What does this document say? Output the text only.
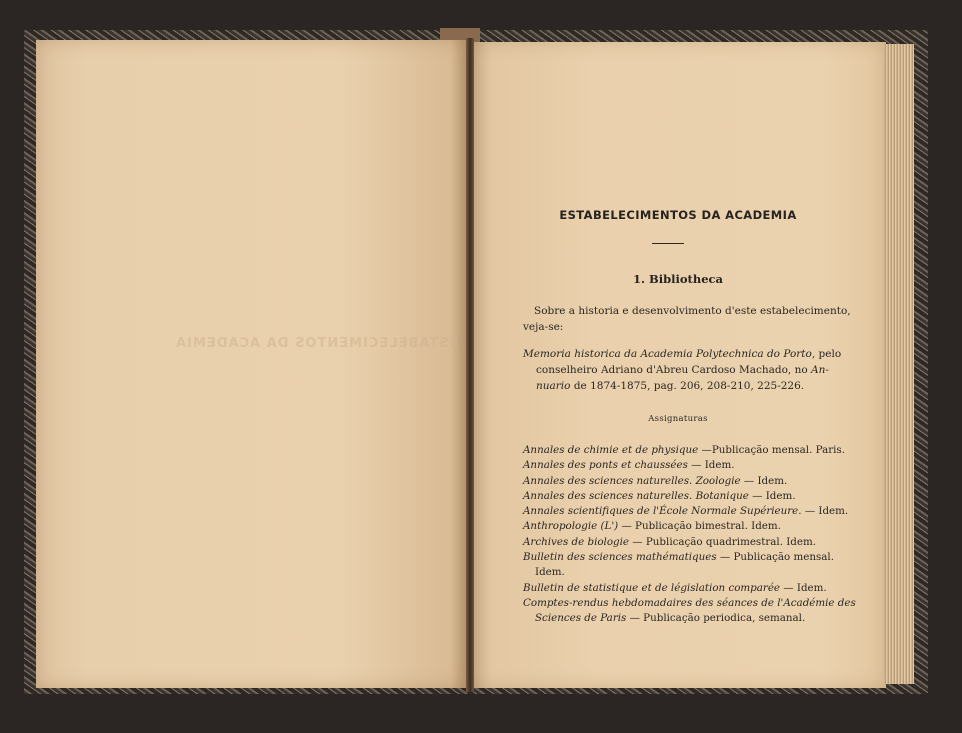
ESTABELECIMENTOS DA ACADEMIA
ESTABELECIMENTOS DA ACADEMIA
1. Bibliotheca
Sobre a historia e desenvolvimento d'este estabelecimento,
veja-se:
Memoria historica da Academia Polytechnica do Porto, pelo
conselheiro Adriano d'Abreu Cardoso Machado, no An-
nuario de 1874-1875, pag. 206, 208-210, 225-226.
Assignaturas
Annales de chimie et de physique —Publicação mensal. Paris.
Annales des ponts et chaussées — Idem.
Annales des sciences naturelles. Zoologie — Idem.
Annales des sciences naturelles. Botanique — Idem.
Annales scientifiques de l'École Normale Supérieure. — Idem.
Anthropologie (L') — Publicação bimestral. Idem.
Archives de biologie — Publicação quadrimestral. Idem.
Bulletin des sciences mathématiques — Publicação mensal.
Idem.
Bulletin de statistique et de législation comparée — Idem.
Comptes-rendus hebdomadaires des séances de l'Académie des
Sciences de Paris — Publicação periodica, semanal.
